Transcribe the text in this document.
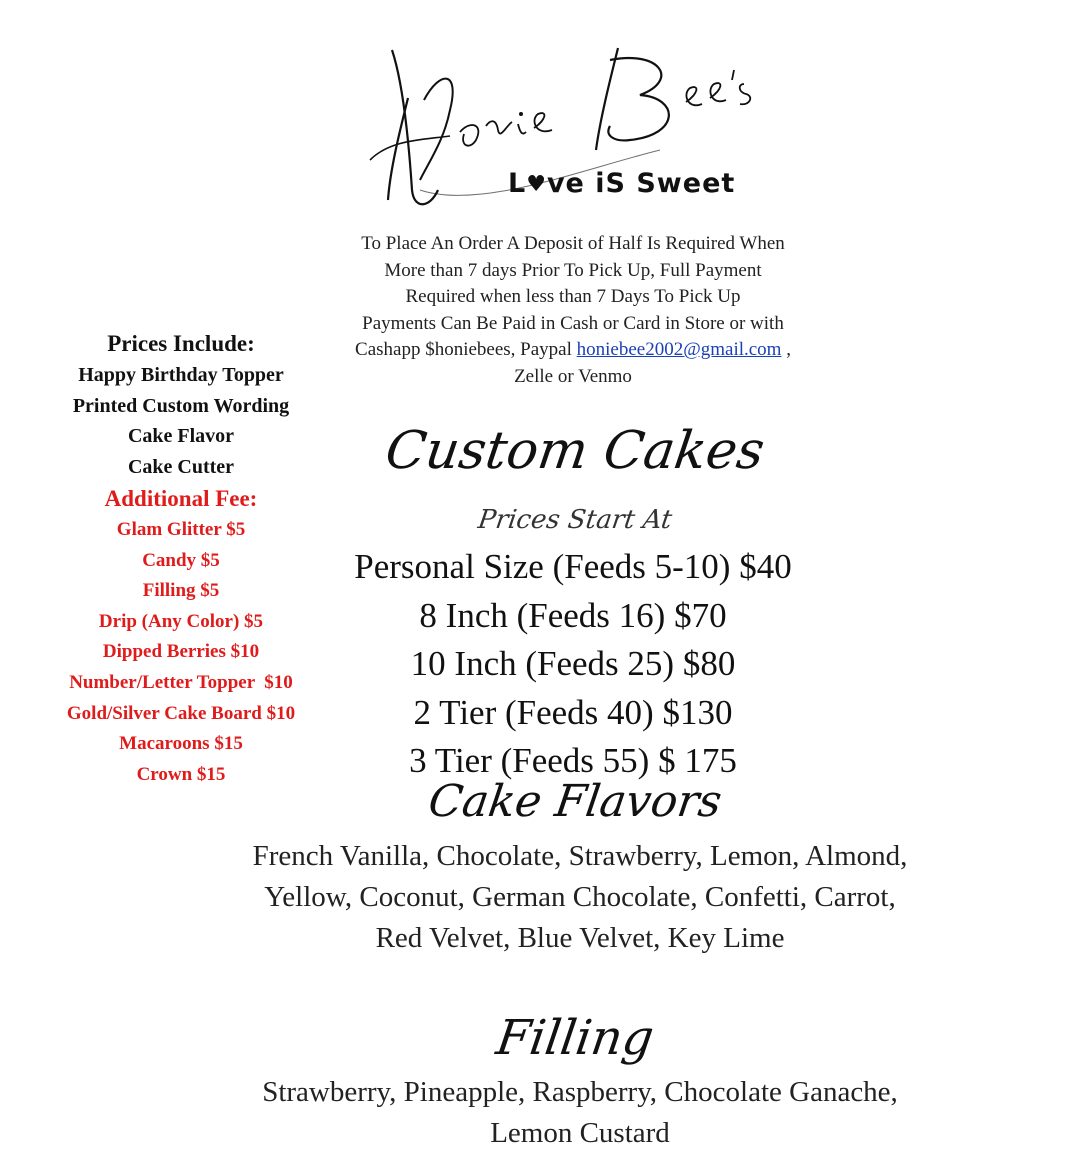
L♥ve iS Sweet
To Place An Order A Deposit of Half Is Required When
More than 7 days Prior To Pick Up, Full Payment
Required when less than 7 Days To Pick Up
Payments Can Be Paid in Cash or Card in Store or with
Cashapp $honiebees, Paypal honiebee2002@gmail.com ,
Zelle or Venmo
Prices Include:
Happy Birthday Topper
Printed Custom Wording
Cake Flavor
Cake Cutter
Additional Fee:
Glam Glitter $5
Candy $5
Filling $5
Drip (Any Color) $5
Dipped Berries $10
Number/Letter Topper  $10
Gold/Silver Cake Board $10
Macaroons $15
Crown $15
Custom Cakes
Prices Start At
Personal Size (Feeds 5-10) $40
8 Inch (Feeds 16) $70
10 Inch (Feeds 25) $80
2 Tier (Feeds 40) $130
3 Tier (Feeds 55) $ 175
Cake Flavors
French Vanilla, Chocolate, Strawberry, Lemon, Almond,
Yellow, Coconut, German Chocolate, Confetti, Carrot,
Red Velvet, Blue Velvet, Key Lime
Filling
Strawberry, Pineapple, Raspberry, Chocolate Ganache,
Lemon Custard
